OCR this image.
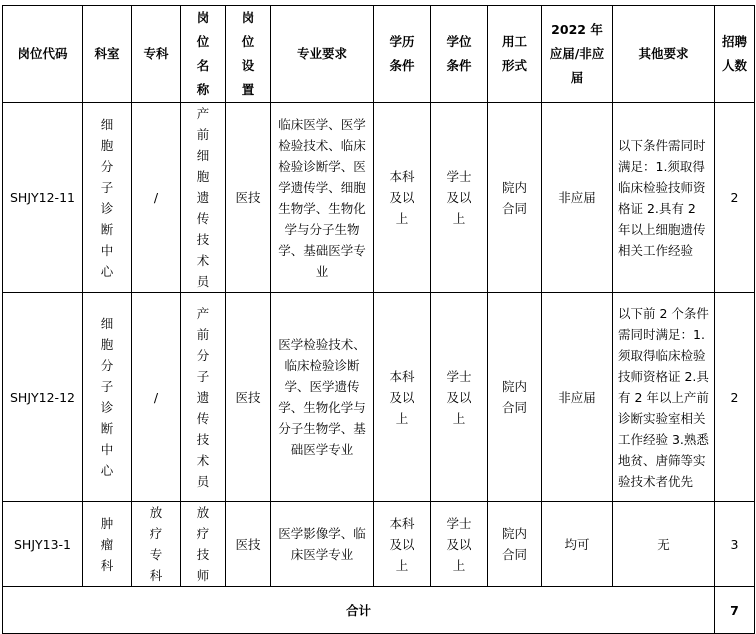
岗位代码	科室	专科	岗位名称	岗位设置	专业要求	学历条件	学位条件	用工形式	2022 年应届/非应届	其他要求	招聘人数
SHJY12-11	细胞分子诊断中心	/	产前细胞遗传技术员	医技	临床医学、医学检验技术、临床检验诊断学、医学遗传学、细胞生物学、生物化学与分子生物学、基础医学专业	本科及以上	学士及以上	院内合同	非应届	以下条件需同时满足：1.须取得临床检验技师资格证 2.具有 2 年以上细胞遗传相关工作经验	2
SHJY12-12	细胞分子诊断中心	/	产前分子遗传技术员	医技	医学检验技术、临床检验诊断学、医学遗传学、生物化学与分子生物学、基础医学专业	本科及以上	学士及以上	院内合同	非应届	以下前 2 个条件需同时满足：1.须取得临床检验技师资格证 2.具有 2 年以上产前诊断实验室相关工作经验 3.熟悉地贫、唐筛等实验技术者优先	2
SHJY13-1	肿瘤科	放疗专科	放疗技师	医技	医学影像学、临床医学专业	本科及以上	学士及以上	院内合同	均可	无	3
合计											7
